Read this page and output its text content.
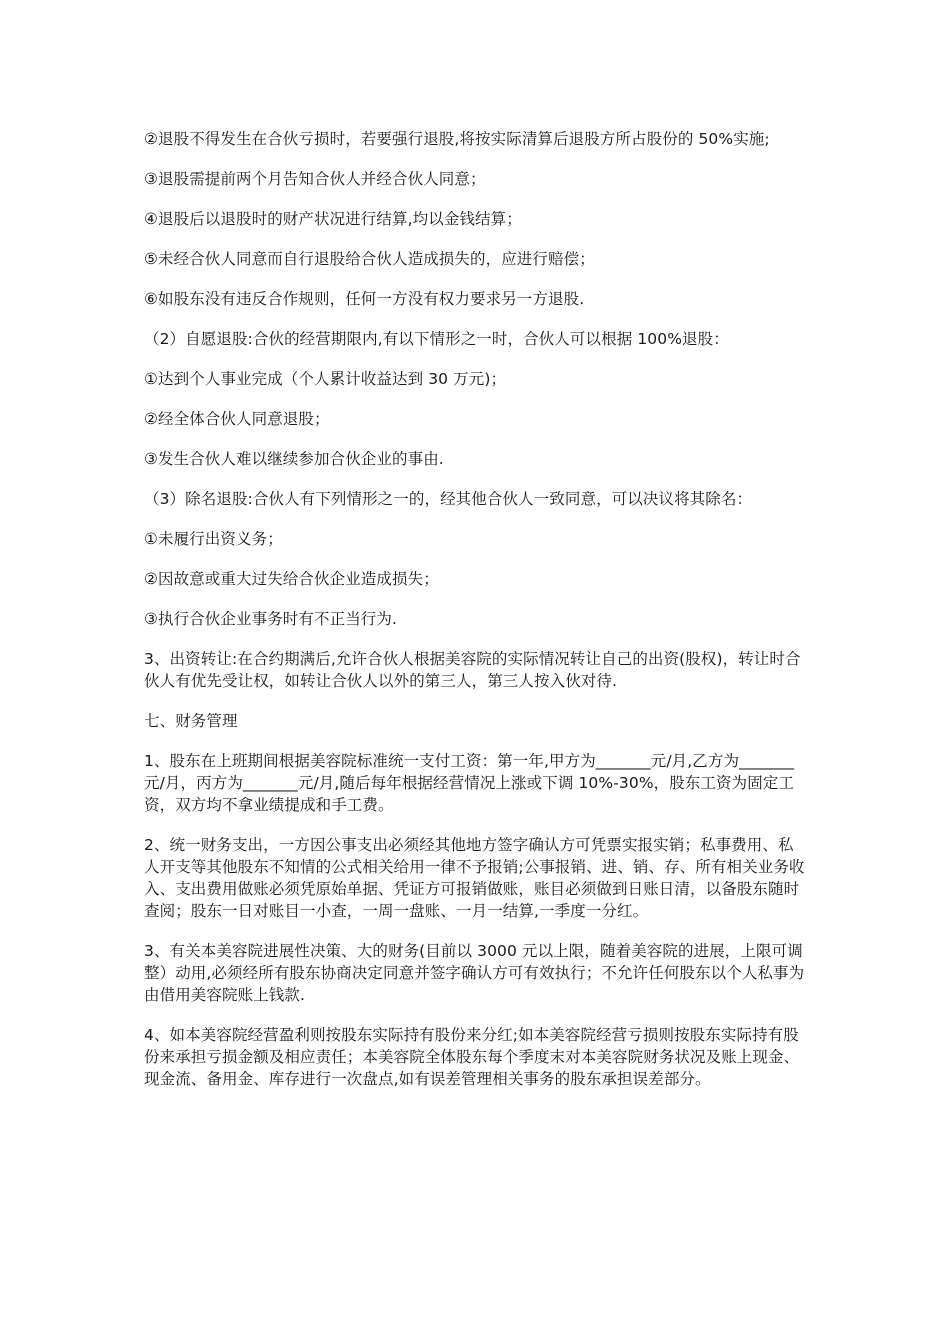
②退股不得发生在合伙亏损时，若要强行退股,将按实际清算后退股方所占股份的 50%实施;

③退股需提前两个月告知合伙人并经合伙人同意；

④退股后以退股时的财产状况进行结算,均以金钱结算；

⑤未经合伙人同意而自行退股给合伙人造成损失的，应进行赔偿；

⑥如股东没有违反合作规则，任何一方没有权力要求另一方退股.

（2）自愿退股:合伙的经营期限内,有以下情形之一时，合伙人可以根据 100%退股：

①达到个人事业完成（个人累计收益达到 30 万元)；

②经全体合伙人同意退股；

③发生合伙人难以继续参加合伙企业的事由.

（3）除名退股:合伙人有下列情形之一的，经其他合伙人一致同意，可以决议将其除名：

①未履行出资义务；

②因故意或重大过失给合伙企业造成损失；

③执行合伙企业事务时有不正当行为.

3、出资转让:在合约期满后,允许合伙人根据美容院的实际情况转让自己的出资(股权)，转让时合伙人有优先受让权，如转让合伙人以外的第三人，第三人按入伙对待.

七、财务管理

1、股东在上班期间根据美容院标准统一支付工资：第一年,甲方为_______元/月,乙方为_______元/月，丙方为_______元/月,随后每年根据经营情况上涨或下调 10%-30%，股东工资为固定工资，双方均不拿业绩提成和手工费。

2、统一财务支出，一方因公事支出必须经其他地方签字确认方可凭票实报实销；私事费用、私人开支等其他股东不知情的公式相关给用一律不予报销;公事报销、进、销、存、所有相关业务收入、支出费用做账必须凭原始单据、凭证方可报销做账，账目必须做到日账日清，以备股东随时查阅；股东一日对账目一小查，一周一盘账、一月一结算,一季度一分红。

3、有关本美容院进展性决策、大的财务(目前以 3000 元以上限，随着美容院的进展，上限可调整）动用,必须经所有股东协商决定同意并签字确认方可有效执行；不允许任何股东以个人私事为由借用美容院账上钱款.

4、如本美容院经营盈利则按股东实际持有股份来分红;如本美容院经营亏损则按股东实际持有股份来承担亏损金额及相应责任；本美容院全体股东每个季度末对本美容院财务状况及账上现金、现金流、备用金、库存进行一次盘点,如有误差管理相关事务的股东承担误差部分。
